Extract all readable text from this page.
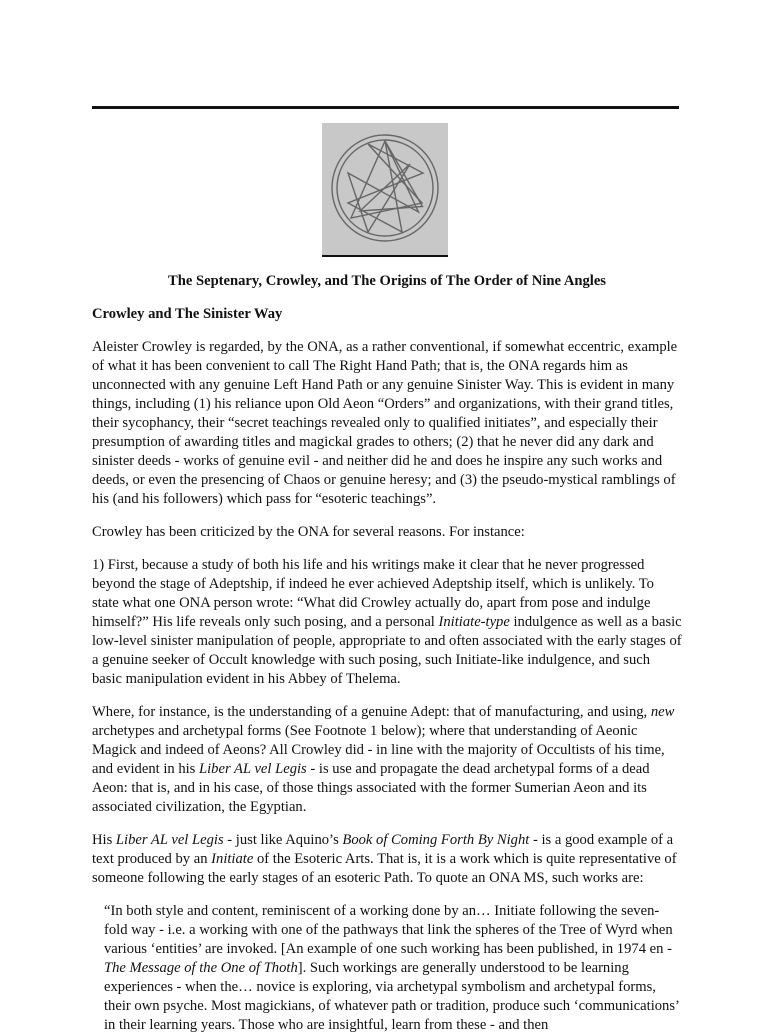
The Septenary, Crowley, and The Origins of The Order of Nine Angles
Crowley and The Sinister Way

Aleister Crowley is regarded, by the ONA, as a rather conventional, if somewhat eccentric, example of what it has been convenient to call The Right Hand Path; that is, the ONA regards him as unconnected with any genuine Left Hand Path or any genuine Sinister Way. This is evident in many things, including (1) his reliance upon Old Aeon “Orders” and organizations, with their grand titles, their sycophancy, their “secret teachings revealed only to qualified initiates”, and especially their presumption of awarding titles and magickal grades to others; (2) that he never did any dark and sinister deeds - works of genuine evil - and neither did he and does he inspire any such works and deeds, or even the presencing of Chaos or genuine heresy; and (3) the pseudo-mystical ramblings of his (and his followers) which pass for “esoteric teachings”.

Crowley has been criticized by the ONA for several reasons. For instance:

1) First, because a study of both his life and his writings make it clear that he never progressed beyond the stage of Adeptship, if indeed he ever achieved Adeptship itself, which is unlikely. To state what one ONA person wrote: “What did Crowley actually do, apart from pose and indulge himself?” His life reveals only such posing, and a personal Initiate-type indulgence as well as a basic low-level sinister manipulation of people, appropriate to and often associated with the early stages of a genuine seeker of Occult knowledge with such posing, such Initiate-like indulgence, and such basic manipulation evident in his Abbey of Thelema.

Where, for instance, is the understanding of a genuine Adept: that of manufacturing, and using, new archetypes and archetypal forms (See Footnote 1 below); where that understanding of Aeonic Magick and indeed of Aeons? All Crowley did - in line with the majority of Occultists of his time, and evident in his Liber AL vel Legis - is use and propagate the dead archetypal forms of a dead Aeon: that is, and in his case, of those things associated with the former Sumerian Aeon and its associated civilization, the Egyptian.

His Liber AL vel Legis - just like Aquino’s Book of Coming Forth By Night - is a good example of a text produced by an Initiate of the Esoteric Arts. That is, it is a work which is quite representative of someone following the early stages of an esoteric Path. To quote an ONA MS, such works are:

“In both style and content, reminiscent of a working done by an… Initiate following the seven-fold way - i.e. a working with one of the pathways that link the spheres of the Tree of Wyrd when various ‘entities’ are invoked. [An example of one such working has been published, in 1974 en - The Message of the One of Thoth]. Such workings are generally understood to be learning experiences - when the… novice is exploring, via archetypal symbolism and archetypal forms, their own psyche. Most magickians, of whatever path or tradition, produce such ‘communications’ in their learning years. Those who are insightful, learn from these - and then
